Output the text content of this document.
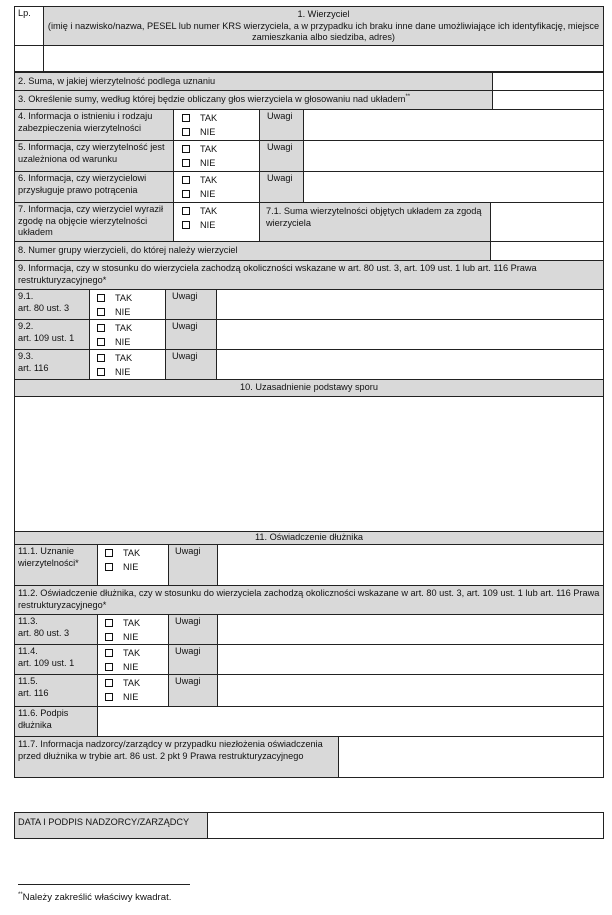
Lp.	1. Wierzyciel
(imię i nazwisko/nazwa, PESEL lub numer KRS wierzyciela, a w przypadku ich braku inne dane umożliwiające ich identyfikację, miejsce zamieszkania albo siedziba, adres)
2. Suma, w jakiej wierzytelność podlega uznaniu
3. Określenie sumy, według której będzie obliczany głos wierzyciela w głosowaniu nad układem**
4. Informacja o istnieniu i rodzaju zabezpieczenia wierzytelności
TAK
NIE
Uwagi
5. Informacja, czy wierzytelność jest uzależniona od warunku
TAK
NIE
Uwagi
6. Informacja, czy wierzycielowi przysługuje prawo potrącenia
TAK
NIE
Uwagi
7. Informacja, czy wierzyciel wyraził zgodę na objęcie wierzytelności układem
TAK
NIE
7.1. Suma wierzytelności objętych układem za zgodą wierzyciela
8. Numer grupy wierzycieli, do której należy wierzyciel
9. Informacja, czy w stosunku do wierzyciela zachodzą okoliczności wskazane w art. 80 ust. 3, art. 109 ust. 1 lub art. 116 Prawa restrukturyzacyjnego*
9.1.
art. 80 ust. 3
TAK
NIE
Uwagi
9.2.
art. 109 ust. 1
TAK
NIE
Uwagi
9.3.
art. 116
TAK
NIE
Uwagi
10. Uzasadnienie podstawy sporu
11. Oświadczenie dłużnika
11.1. Uznanie wierzytelności*
TAK
NIE
Uwagi
11.2. Oświadczenie dłużnika, czy w stosunku do wierzyciela zachodzą okoliczności wskazane w art. 80 ust. 3, art. 109 ust. 1 lub art. 116 Prawa restrukturyzacyjnego*
11.3.
art. 80 ust. 3
TAK
NIE
Uwagi
11.4.
art. 109 ust. 1
TAK
NIE
Uwagi
11.5.
art. 116
TAK
NIE
Uwagi
11.6. Podpis dłużnika
11.7. Informacja nadzorcy/zarządcy w przypadku niezłożenia oświadczenia przed dłużnika w trybie art. 86 ust. 2 pkt 9 Prawa restrukturyzacyjnego
DATA I PODPIS NADZORCY/ZARZĄDCY
**Należy zakreślić właściwy kwadrat.
